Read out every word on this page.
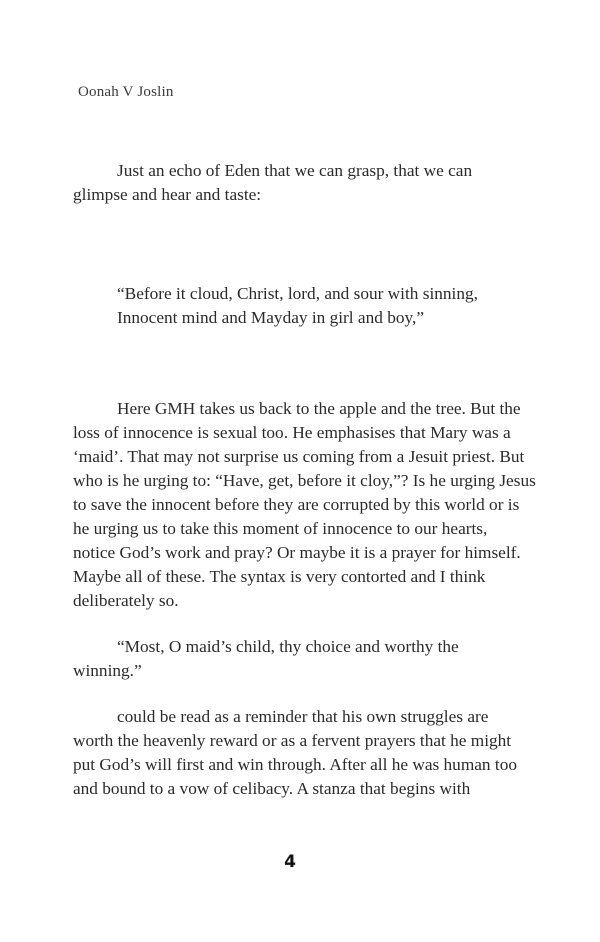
Oonah V Joslin

Just an echo of Eden that we can grasp, that we can
glimpse and hear and taste:

“Before it cloud, Christ, lord, and sour with sinning,
Innocent mind and Mayday in girl and boy,”

Here GMH takes us back to the apple and the tree. But the
loss of innocence is sexual too. He emphasises that Mary was a
‘maid’. That may not surprise us coming from a Jesuit priest. But
who is he urging to: “Have, get, before it cloy,”? Is he urging Jesus
to save the innocent before they are corrupted by this world or is
he urging us to take this moment of innocence to our hearts,
notice God’s work and pray? Or maybe it is a prayer for himself.
Maybe all of these. The syntax is very contorted and I think
deliberately so.

“Most, O maid’s child, thy choice and worthy the
winning.”

could be read as a reminder that his own struggles are
worth the heavenly reward or as a fervent prayers that he might
put God’s will first and win through. After all he was human too
and bound to a vow of celibacy. A stanza that begins with

4
